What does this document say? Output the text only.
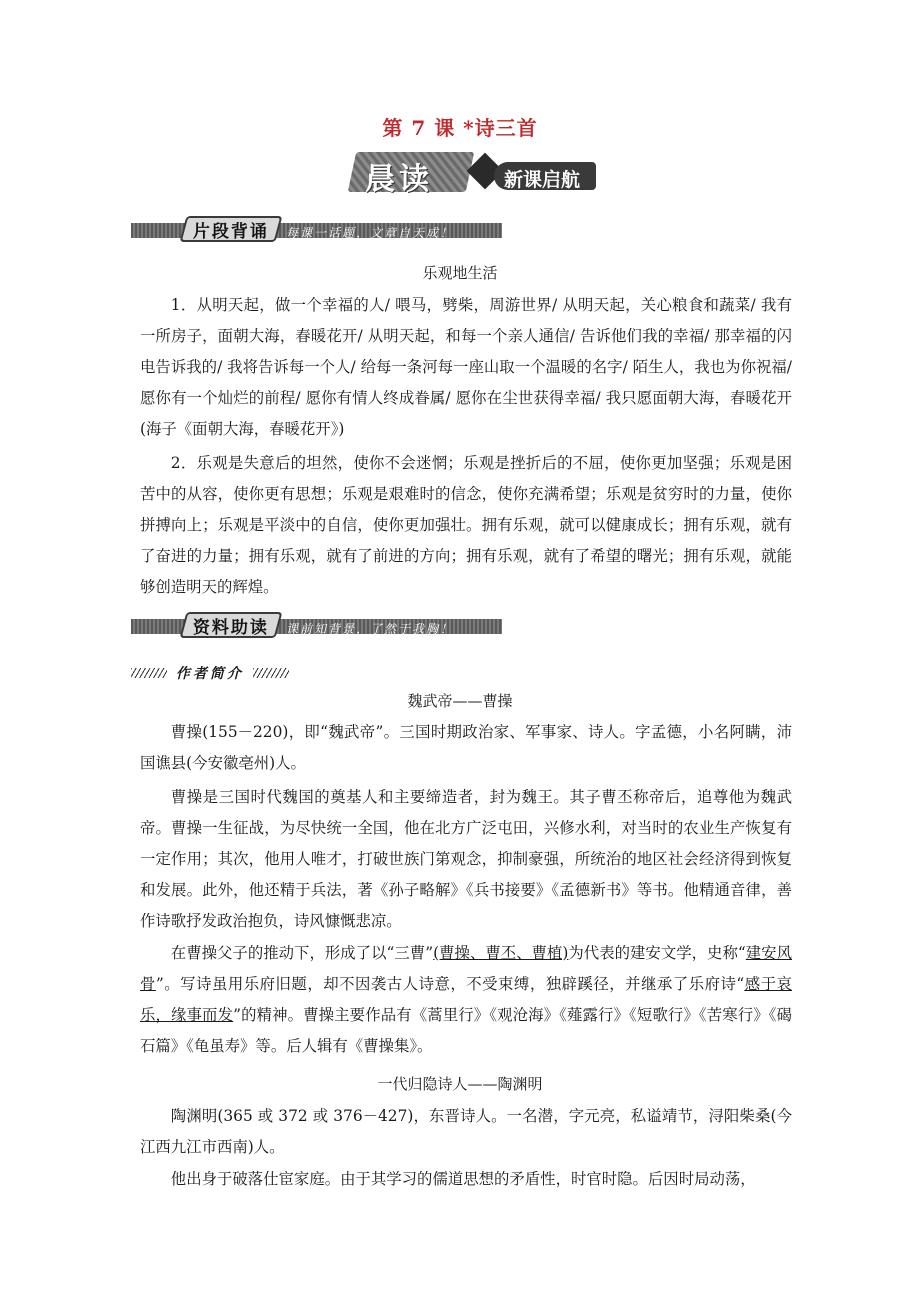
第 7 课 *诗三首
晨读	新课启航
片段背诵 每课一话题，文章自天成！
乐观地生活

1．从明天起，做一个幸福的人/ 喂马，劈柴，周游世界/ 从明天起，关心粮食和蔬菜/ 我有一所房子，面朝大海，春暖花开/ 从明天起，和每一个亲人通信/ 告诉他们我的幸福/ 那幸福的闪电告诉我的/ 我将告诉每一个人/ 给每一条河每一座山取一个温暖的名字/ 陌生人，我也为你祝福/ 愿你有一个灿烂的前程/ 愿你有情人终成眷属/ 愿你在尘世获得幸福/ 我只愿面朝大海，春暖花开(海子《面朝大海，春暖花开》)

2．乐观是失意后的坦然，使你不会迷惘；乐观是挫折后的不屈，使你更加坚强；乐观是困苦中的从容，使你更有思想；乐观是艰难时的信念，使你充满希望；乐观是贫穷时的力量，使你拼搏向上；乐观是平淡中的自信，使你更加强壮。拥有乐观，就可以健康成长；拥有乐观，就有了奋进的力量；拥有乐观，就有了前进的方向；拥有乐观，就有了希望的曙光；拥有乐观，就能够创造明天的辉煌。

资料助读 课前知背景，了然于我胸！
作者简介
魏武帝——曹操

曹操(155－220)，即“魏武帝”。三国时期政治家、军事家、诗人。字孟德，小名阿瞒，沛国谯县(今安徽亳州)人。

曹操是三国时代魏国的奠基人和主要缔造者，封为魏王。其子曹丕称帝后，追尊他为魏武帝。曹操一生征战，为尽快统一全国，他在北方广泛屯田，兴修水利，对当时的农业生产恢复有一定作用；其次，他用人唯才，打破世族门第观念，抑制豪强，所统治的地区社会经济得到恢复和发展。此外，他还精于兵法，著《孙子略解》《兵书接要》《孟德新书》等书。他精通音律，善作诗歌抒发政治抱负，诗风慷慨悲凉。

在曹操父子的推动下，形成了以“三曹”(曹操、曹丕、曹植)为代表的建安文学，史称“建安风骨”。写诗虽用乐府旧题，却不因袭古人诗意，不受束缚，独辟蹊径，并继承了乐府诗“感于哀乐，缘事而发”的精神。曹操主要作品有《蒿里行》《观沧海》《薤露行》《短歌行》《苦寒行》《碣石篇》《龟虽寿》等。后人辑有《曹操集》。

一代归隐诗人——陶渊明

陶渊明(365 或 372 或 376－427)，东晋诗人。一名潜，字元亮，私谥靖节，浔阳柴桑(今江西九江市西南)人。

他出身于破落仕宦家庭。由于其学习的儒道思想的矛盾性，时官时隐。后因时局动荡，
